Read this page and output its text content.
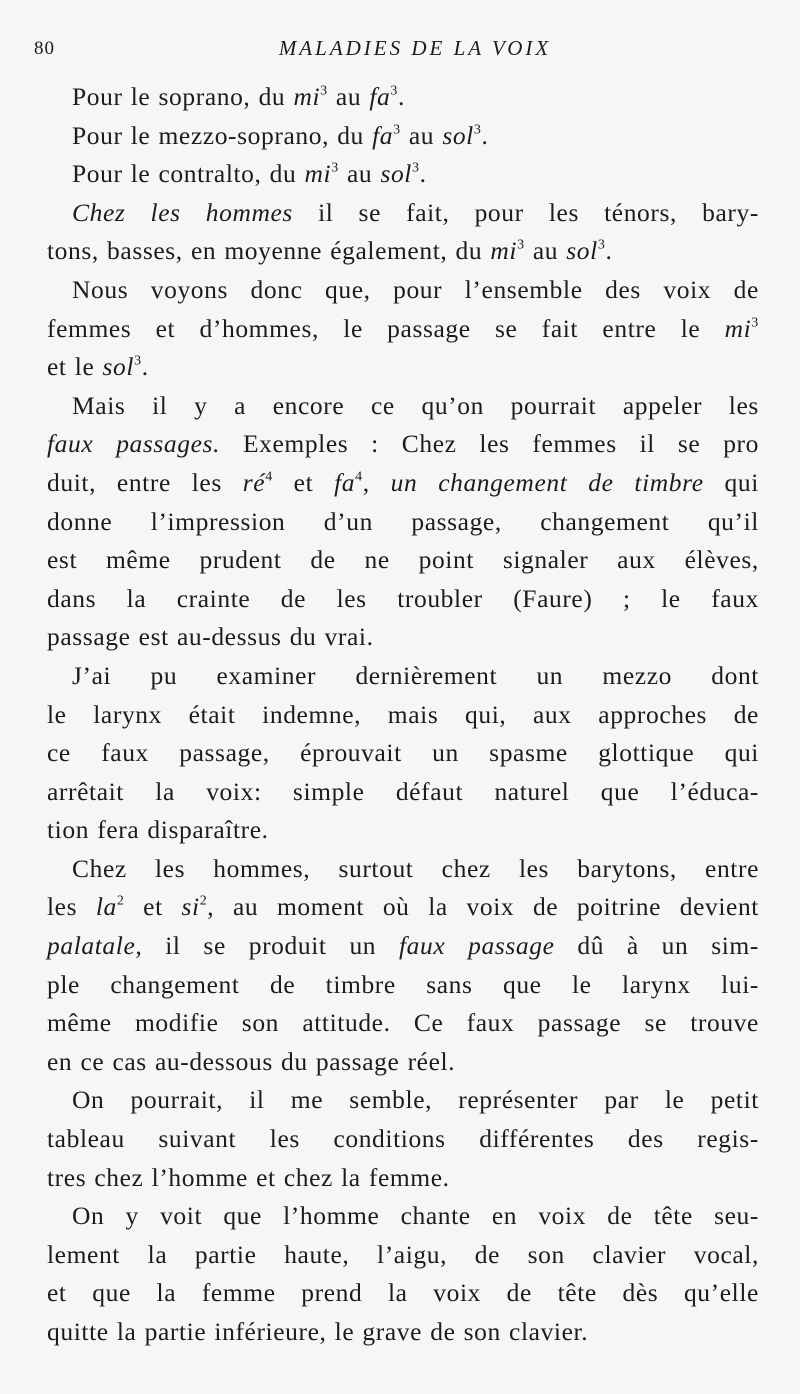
80	MALADIES DE LA VOIX
Pour le soprano, du $mi^3$ au $fa^3$.
Pour le mezzo-soprano, du $fa^3$ au sol$^3$.
Pour le contralto, du $mi^3$ au sol$^3$.
Chez les hommes il se fait, pour les ténors, bary-
tons, basses, en moyenne également, du $mi^3$ au sol$^3$.
Nous voyons donc que, pour l’ensemble des voix de
femmes et d’hommes, le passage se fait entre le $mi^3$
et le sol$^3$.
Mais il y a encore ce qu’on pourrait appeler les
faux passages. Exemples : Chez les femmes il se pro
duit, entre les $ré^4$ et $fa^4$, un changement de timbre qui
donne l’impression d’un passage, changement qu’il
est même prudent de ne point signaler aux élèves,
dans la crainte de les troubler (Faure) ; le faux
passage est au-dessus du vrai.
J’ai pu examiner dernièrement un mezzo dont
le larynx était indemne, mais qui, aux approches de
ce faux passage, éprouvait un spasme glottique qui
arrêtait la voix: simple défaut naturel que l’éduca-
tion fera disparaître.
Chez les hommes, surtout chez les barytons, entre
les $la^2$ et $si^2$, au moment où la voix de poitrine devient
palatale, il se produit un faux passage dû à un sim-
ple changement de timbre sans que le larynx lui-
même modifie son attitude. Ce faux passage se trouve
en ce cas au-dessous du passage réel.
On pourrait, il me semble, représenter par le petit
tableau suivant les conditions différentes des regis-
tres chez l’homme et chez la femme.
On y voit que l’homme chante en voix de tête seu-
lement la partie haute, l’aigu, de son clavier vocal,
et que la femme prend la voix de tête dès qu’elle
quitte la partie inférieure, le grave de son clavier.
